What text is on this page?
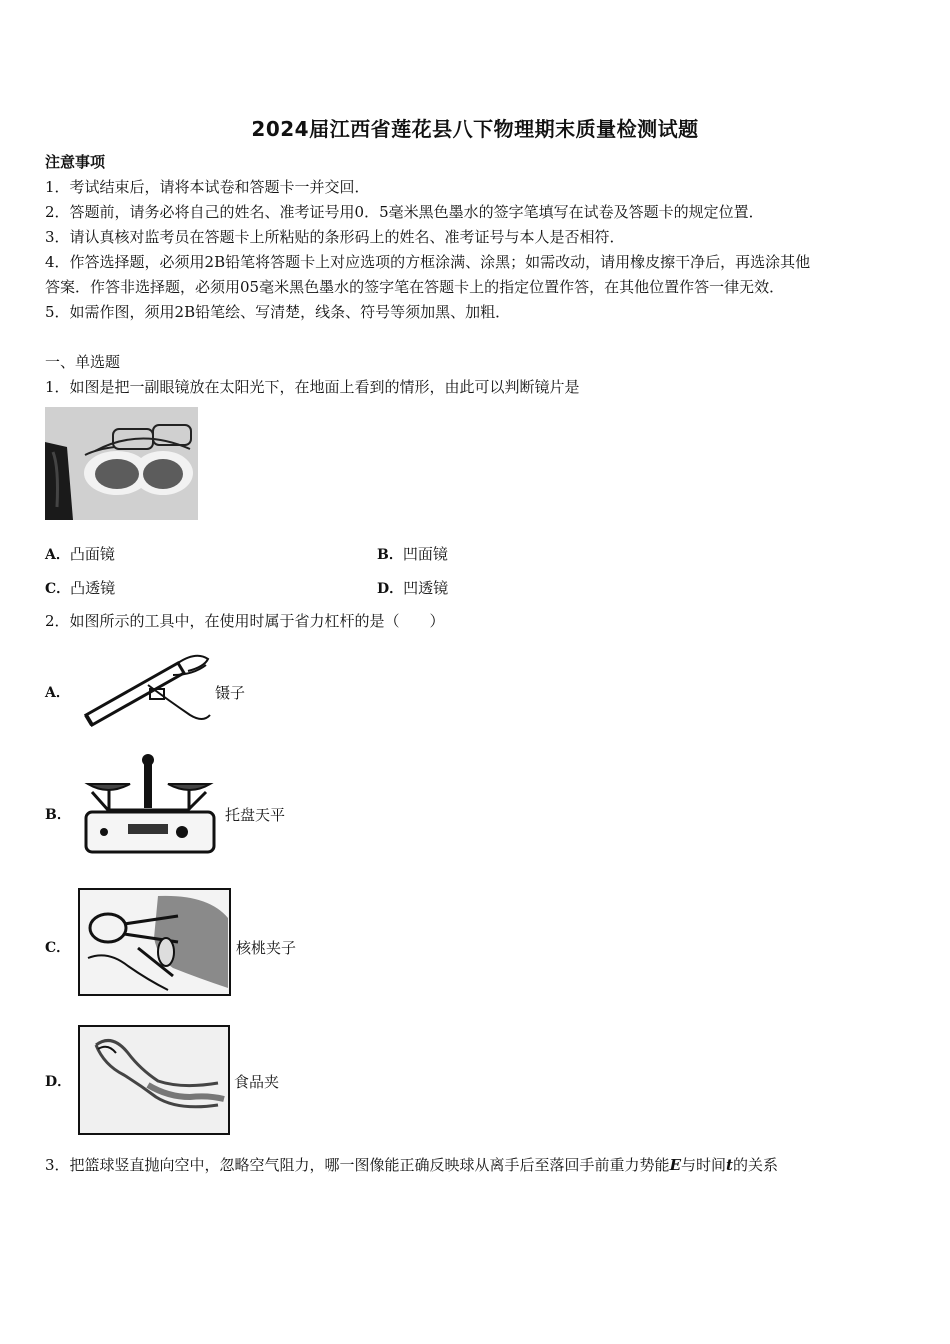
2024届江西省莲花县八下物理期末质量检测试题
注意事项
1．考试结束后，请将本试卷和答题卡一并交回．
2．答题前，请务必将自己的姓名、准考证号用0．5毫米黑色墨水的签字笔填写在试卷及答题卡的规定位置．
3．请认真核对监考员在答题卡上所粘贴的条形码上的姓名、准考证号与本人是否相符．
4．作答选择题，必须用2B铅笔将答题卡上对应选项的方框涂满、涂黑；如需改动，请用橡皮擦干净后，再选涂其他
答案．作答非选择题，必须用05毫米黑色墨水的签字笔在答题卡上的指定位置作答，在其他位置作答一律无效．
5．如需作图，须用2B铅笔绘、写清楚，线条、符号等须加黑、加粗．
一、单选题
1．如图是把一副眼镜放在太阳光下，在地面上看到的情形，由此可以判断镜片是
A．凸面镜	B．凹面镜
C．凸透镜	D．凹透镜
2．如图所示的工具中，在使用时属于省力杠杆的是（　　）
A．	镊子
B．	托盘天平
C．	核桃夹子
D．	食品夹
3．把篮球竖直抛向空中，忽略空气阻力，哪一图像能正确反映球从离手后至落回手前重力势能E与时间t的关系
